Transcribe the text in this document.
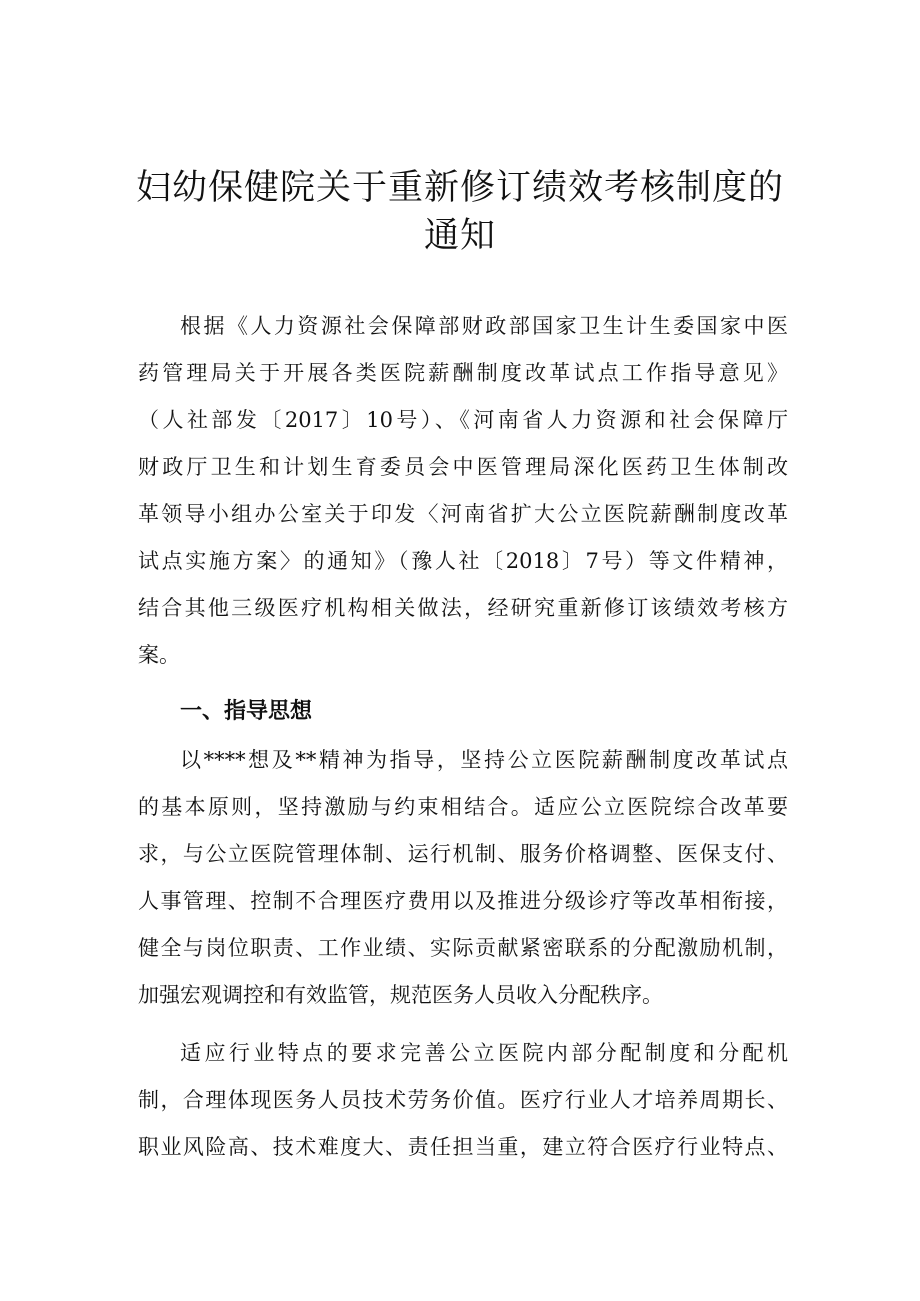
妇幼保健院关于重新修订绩效考核制度的
通知
根据《人力资源社会保障部财政部国家卫生计生委国家中医
药管理局关于开展各类医院薪酬制度改革试点工作指导意见》
（人社部发〔2017〕10号）、《河南省人力资源和社会保障厅
财政厅卫生和计划生育委员会中医管理局深化医药卫生体制改
革领导小组办公室关于印发〈河南省扩大公立医院薪酬制度改革
试点实施方案〉的通知》（豫人社〔2018〕7号）等文件精神，
结合其他三级医疗机构相关做法，经研究重新修订该绩效考核方
案。
一、指导思想
以****想及**精神为指导，坚持公立医院薪酬制度改革试点
的基本原则，坚持激励与约束相结合。适应公立医院综合改革要
求，与公立医院管理体制、运行机制、服务价格调整、医保支付、
人事管理、控制不合理医疗费用以及推进分级诊疗等改革相衔接，
健全与岗位职责、工作业绩、实际贡献紧密联系的分配激励机制，
加强宏观调控和有效监管，规范医务人员收入分配秩序。
适应行业特点的要求完善公立医院内部分配制度和分配机
制，合理体现医务人员技术劳务价值。医疗行业人才培养周期长、
职业风险高、技术难度大、责任担当重，建立符合医疗行业特点、
